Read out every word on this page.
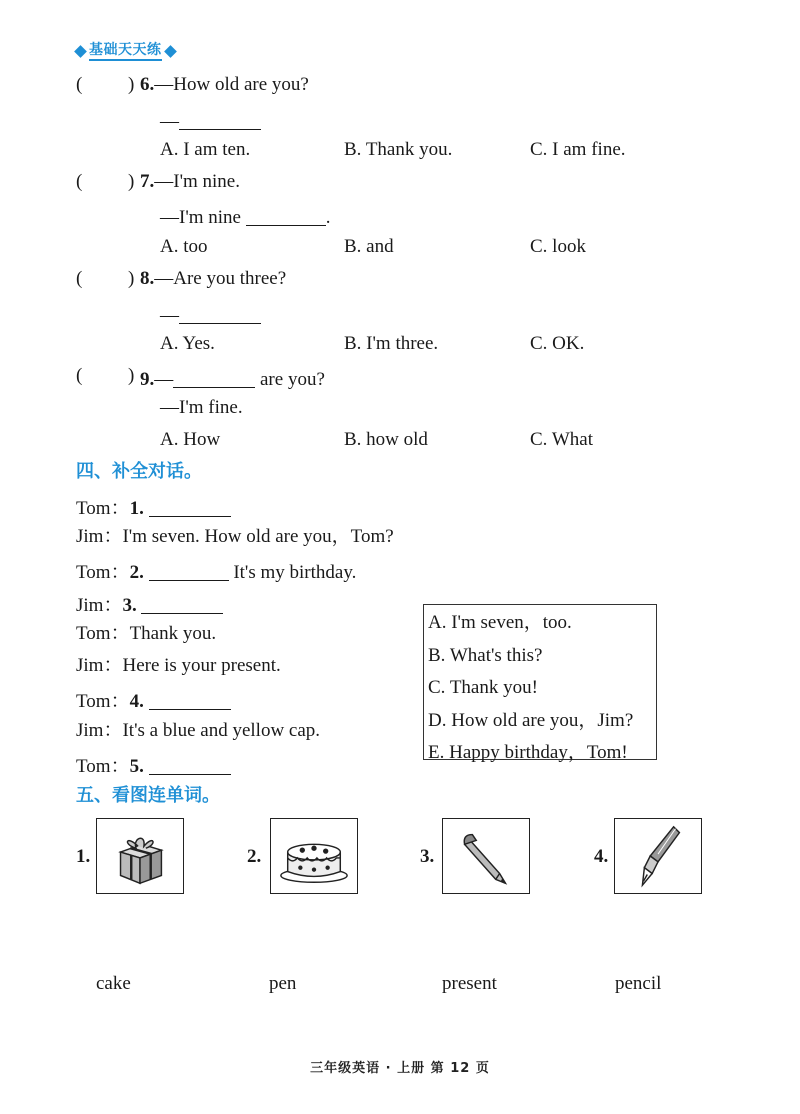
基础天天练
( ) 6.—How old are you?
—
A. I am ten.	B. Thank you.	C. I am fine.
( ) 7.—I'm nine.
—I'm nine	.
A. too	B. and	C. look
( ) 8.—Are you three?
—
A. Yes.	B. I'm three.	C. OK.
( ) 9.—	are you?
—I'm fine.
A. How	B. how old	C. What
四、补全对话。
Tom：1.
Jim：I'm seven. How old are you，Tom?
Tom：2.	It's my birthday.
Jim：3.
Tom：Thank you.
Jim：Here is your present.
Tom：4.
Jim：It's a blue and yellow cap.
Tom：5.
A. I'm seven，too.
B. What's this?
C. Thank you!
D. How old are you，Jim?
E. Happy birthday，Tom!
五、看图连单词。
1.	2.	3.	4.
cake	pen	present	pencil
三年级英语 · 上册 第 12 页
